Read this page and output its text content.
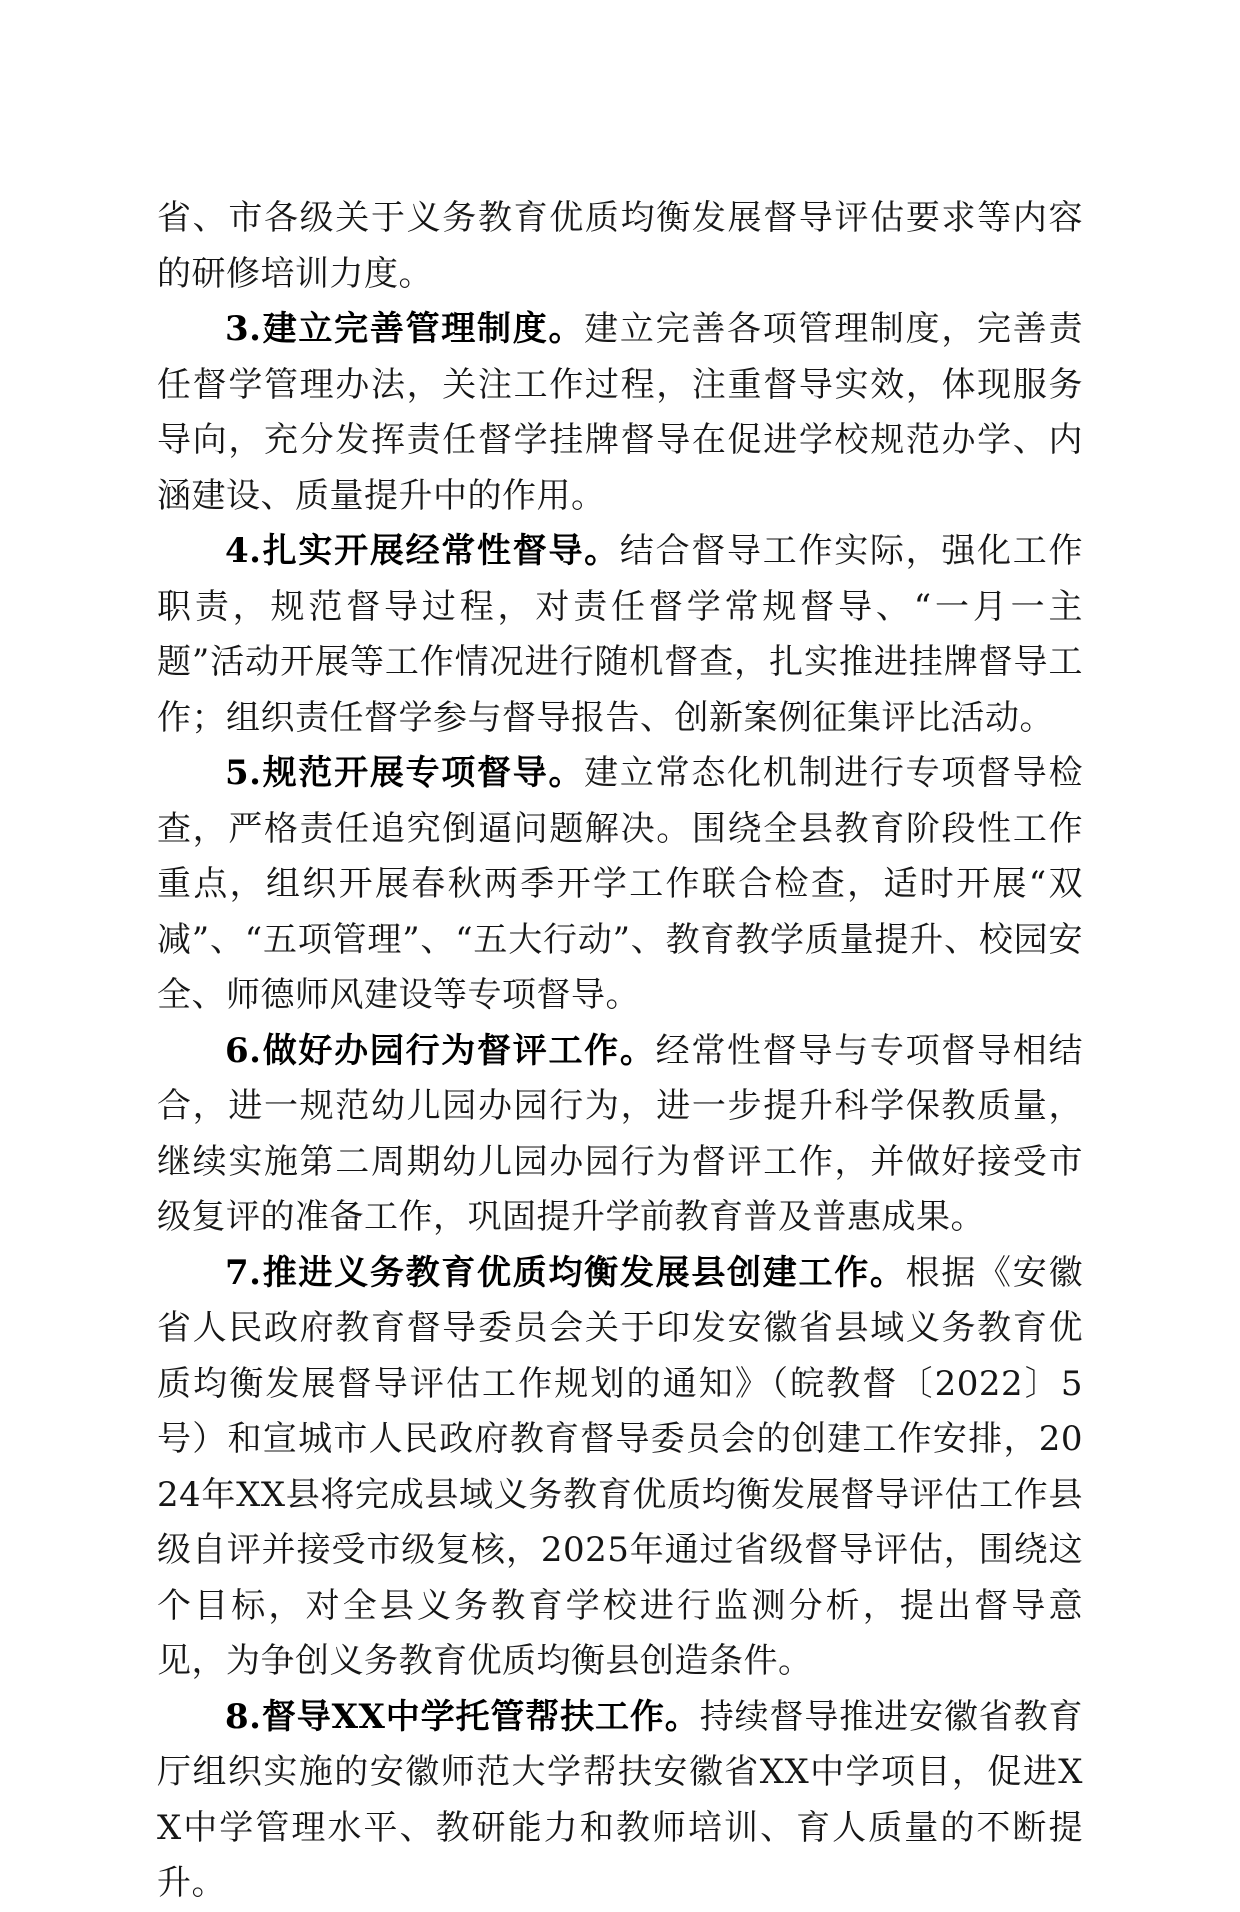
省、市各级关于义务教育优质均衡发展督导评估要求等内容的研修培训力度。

3.建立完善管理制度。建立完善各项管理制度，完善责任督学管理办法，关注工作过程，注重督导实效，体现服务导向，充分发挥责任督学挂牌督导在促进学校规范办学、内涵建设、质量提升中的作用。

4.扎实开展经常性督导。结合督导工作实际，强化工作职责，规范督导过程，对责任督学常规督导、“一月一主题”活动开展等工作情况进行随机督查，扎实推进挂牌督导工作；组织责任督学参与督导报告、创新案例征集评比活动。

5.规范开展专项督导。建立常态化机制进行专项督导检查，严格责任追究倒逼问题解决。围绕全县教育阶段性工作重点，组织开展春秋两季开学工作联合检查，适时开展“双减”、“五项管理”、“五大行动”、教育教学质量提升、校园安全、师德师风建设等专项督导。

6.做好办园行为督评工作。经常性督导与专项督导相结合，进一规范幼儿园办园行为，进一步提升科学保教质量，继续实施第二周期幼儿园办园行为督评工作，并做好接受市级复评的准备工作，巩固提升学前教育普及普惠成果。

7.推进义务教育优质均衡发展县创建工作。根据《安徽省人民政府教育督导委员会关于印发安徽省县域义务教育优质均衡发展督导评估工作规划的通知》（皖教督〔2022〕5号）和宣城市人民政府教育督导委员会的创建工作安排，2024年XX县将完成县域义务教育优质均衡发展督导评估工作县级自评并接受市级复核，2025年通过省级督导评估，围绕这个目标，对全县义务教育学校进行监测分析，提出督导意见，为争创义务教育优质均衡县创造条件。

8.督导XX中学托管帮扶工作。持续督导推进安徽省教育厅组织实施的安徽师范大学帮扶安徽省XX中学项目，促进XX中学管理水平、教研能力和教师培训、育人质量的不断提升。
